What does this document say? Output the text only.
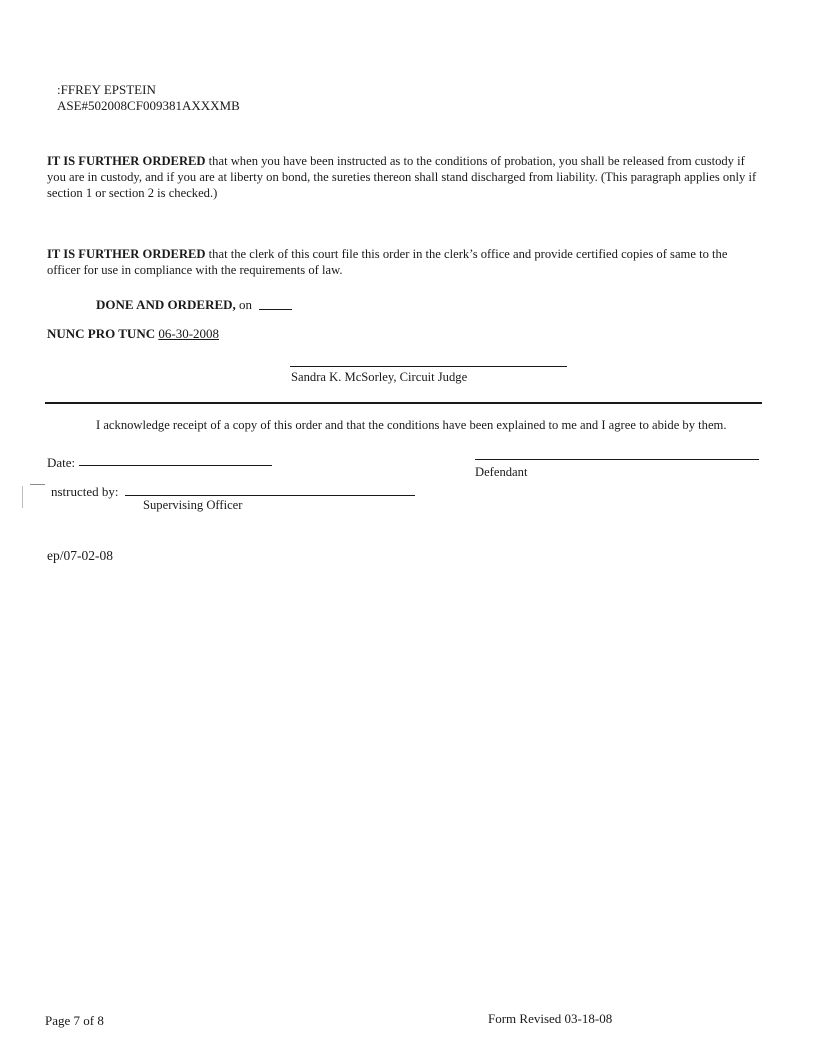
:FFREY EPSTEIN
ASE#502008CF009381AXXXMB
IT IS FURTHER ORDERED that when you have been instructed as to the conditions of probation, you shall be released from custody if you are in custody, and if you are at liberty on bond, the sureties thereon shall stand discharged from liability. (This paragraph applies only if section 1 or section 2 is checked.)
IT IS FURTHER ORDERED that the clerk of this court file this order in the clerk’s office and provide certified copies of same to the officer for use in compliance with the requirements of law.
DONE AND ORDERED, on
NUNC PRO TUNC 06-30-2008
Sandra K. McSorley, Circuit Judge
I acknowledge receipt of a copy of this order and that the conditions have been explained to me and I agree to abide by them.
Date:
Defendant
nstructed by:
Supervising Officer
ep/07-02-08
Page 7 of 8	Form Revised 03-18-08
